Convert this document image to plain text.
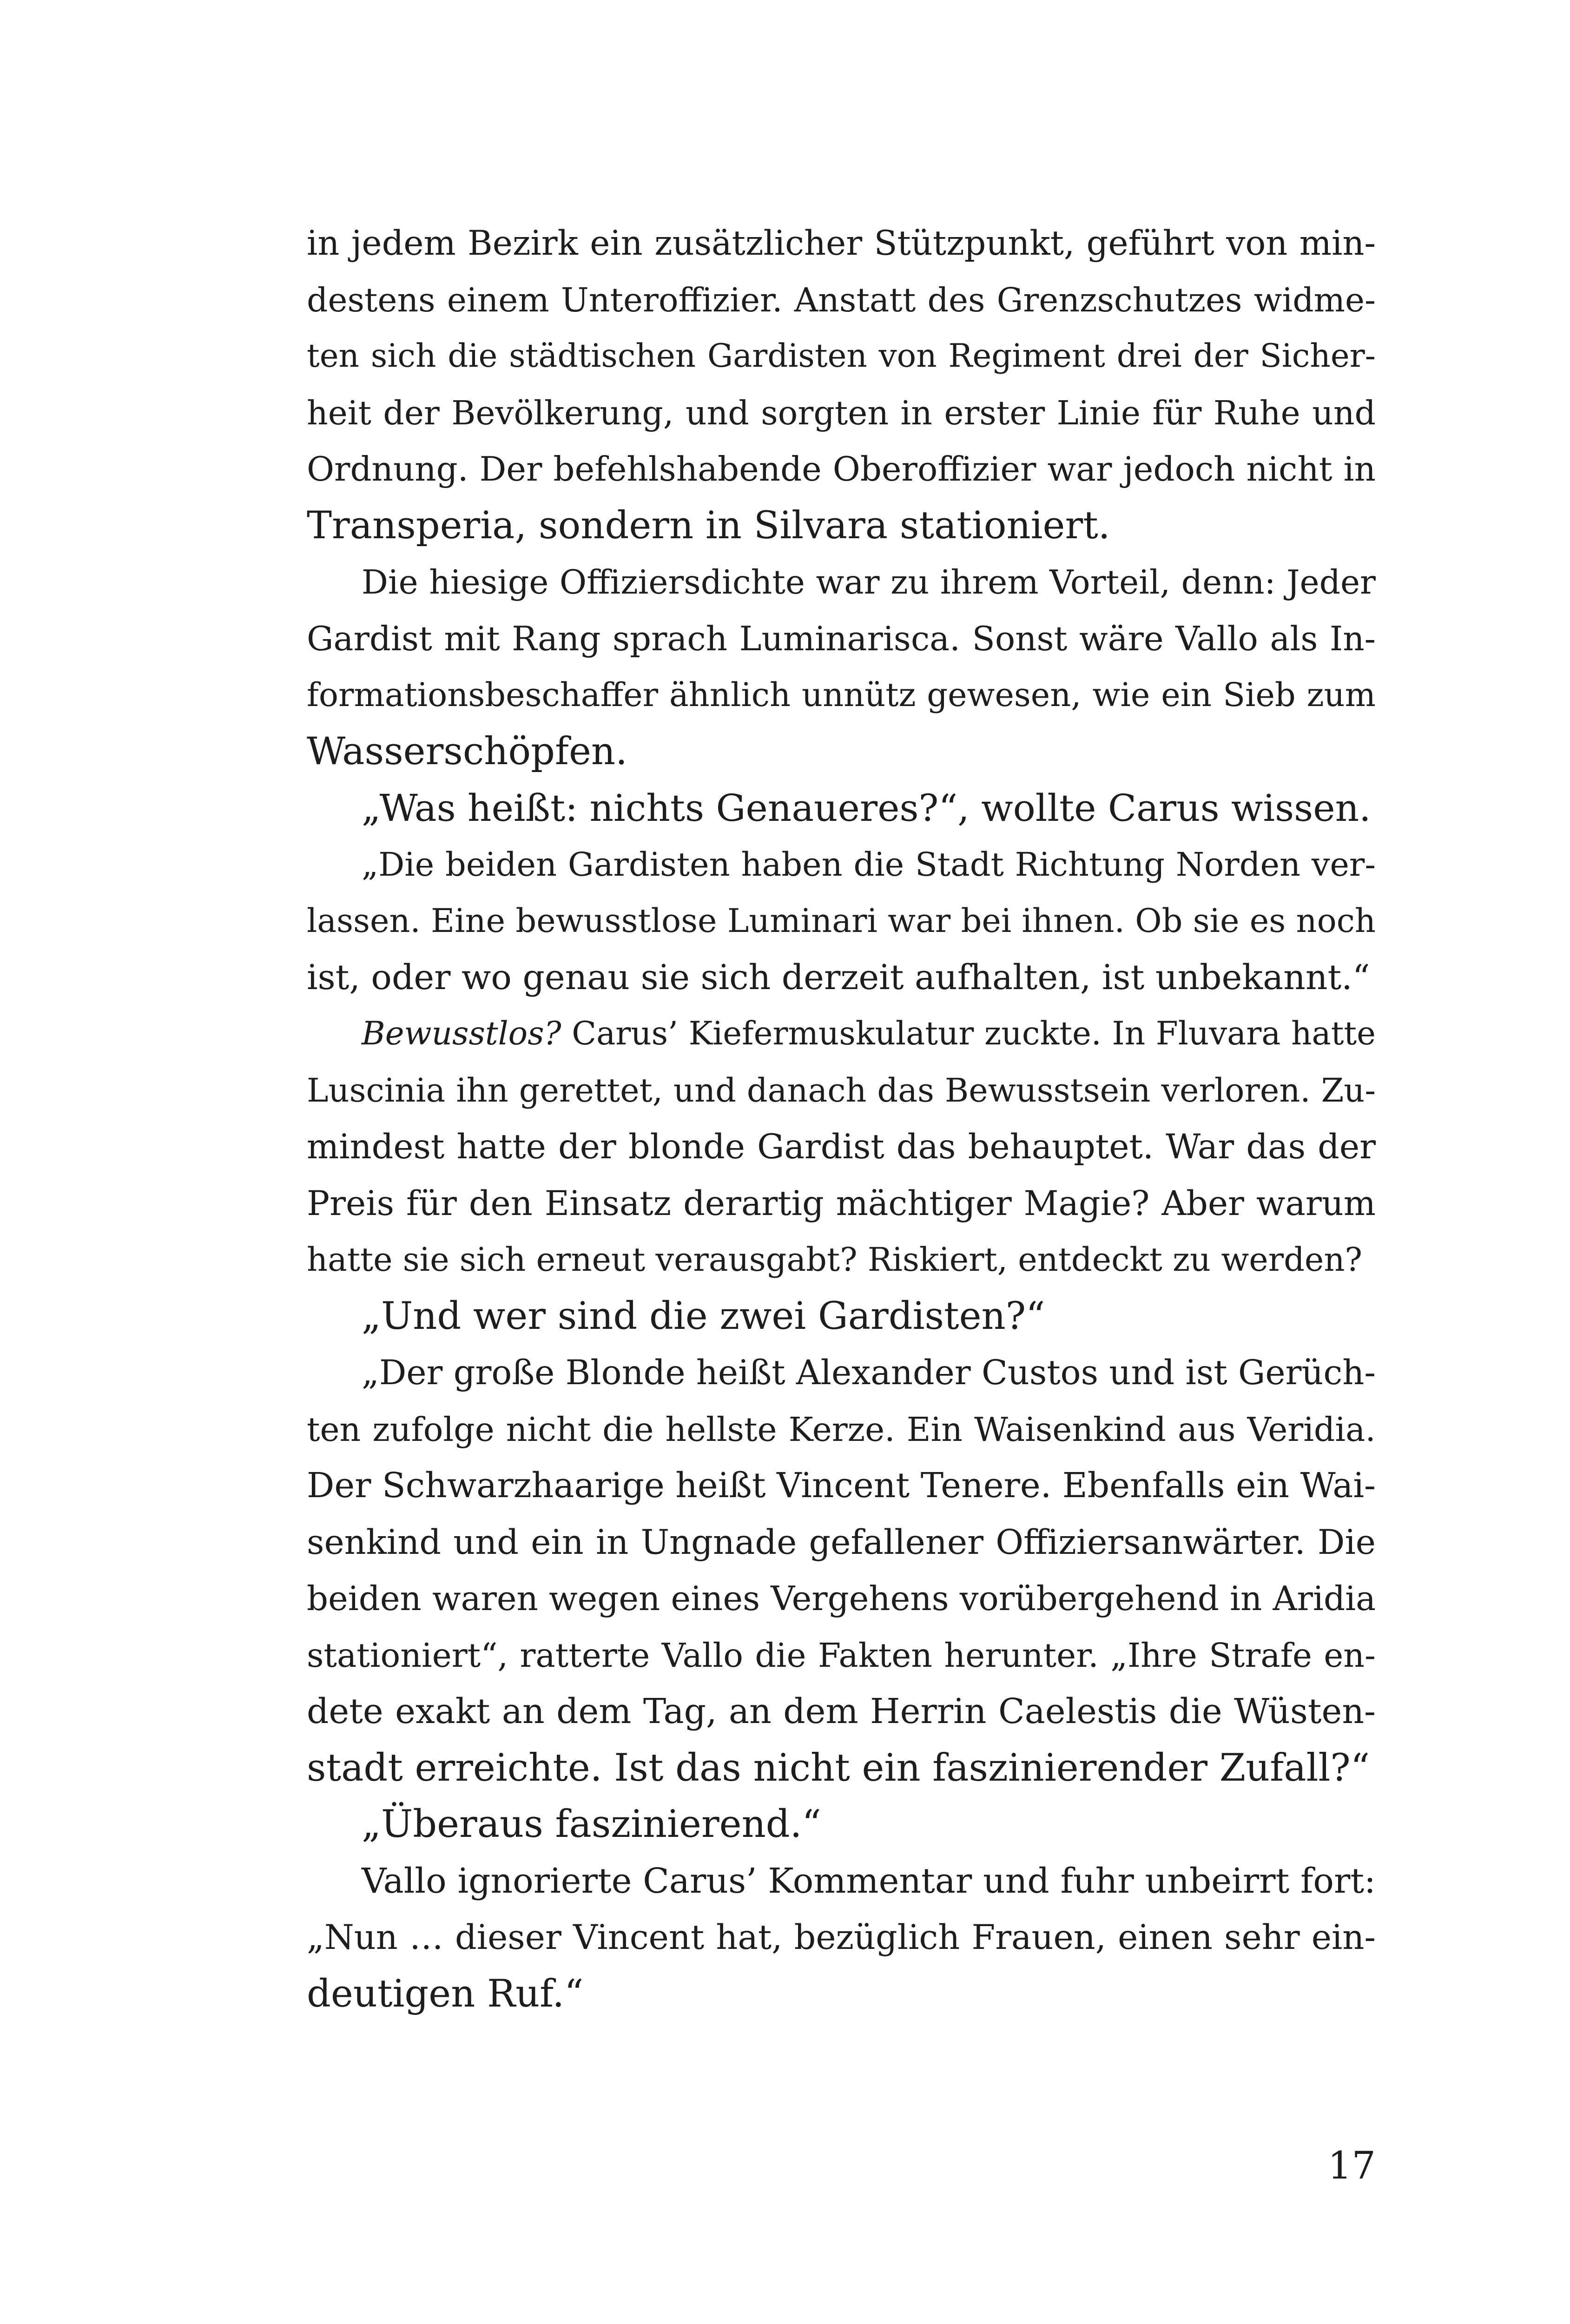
in jedem Bezirk ein zusätzlicher Stützpunkt, geführt von min-
destens einem Unteroffizier. Anstatt des Grenzschutzes widme-
ten sich die städtischen Gardisten von Regiment drei der Sicher-
heit der Bevölkerung, und sorgten in erster Linie für Ruhe und
Ordnung. Der befehlshabende Oberoffizier war jedoch nicht in
Transperia, sondern in Silvara stationiert.
Die hiesige Offiziersdichte war zu ihrem Vorteil, denn: Jeder
Gardist mit Rang sprach Luminarisca. Sonst wäre Vallo als In-
formationsbeschaffer ähnlich unnütz gewesen, wie ein Sieb zum
Wasserschöpfen.
„Was heißt: nichts Genaueres?“, wollte Carus wissen.
„Die beiden Gardisten haben die Stadt Richtung Norden ver-
lassen. Eine bewusstlose Luminari war bei ihnen. Ob sie es noch
ist, oder wo genau sie sich derzeit aufhalten, ist unbekannt.“
Bewusstlos? Carus’ Kiefermuskulatur zuckte. In Fluvara hatte
Luscinia ihn gerettet, und danach das Bewusstsein verloren. Zu-
mindest hatte der blonde Gardist das behauptet. War das der
Preis für den Einsatz derartig mächtiger Magie? Aber warum
hatte sie sich erneut verausgabt? Riskiert, entdeckt zu werden?
„Und wer sind die zwei Gardisten?“
„Der große Blonde heißt Alexander Custos und ist Gerüch-
ten zufolge nicht die hellste Kerze. Ein Waisenkind aus Veridia.
Der Schwarzhaarige heißt Vincent Tenere. Ebenfalls ein Wai-
senkind und ein in Ungnade gefallener Offiziersanwärter. Die
beiden waren wegen eines Vergehens vorübergehend in Aridia
stationiert“, ratterte Vallo die Fakten herunter. „Ihre Strafe en-
dete exakt an dem Tag, an dem Herrin Caelestis die Wüsten-
stadt erreichte. Ist das nicht ein faszinierender Zufall?“
„Überaus faszinierend.“
Vallo ignorierte Carus’ Kommentar und fuhr unbeirrt fort:
„Nun … dieser Vincent hat, bezüglich Frauen, einen sehr ein-
deutigen Ruf.“
17
